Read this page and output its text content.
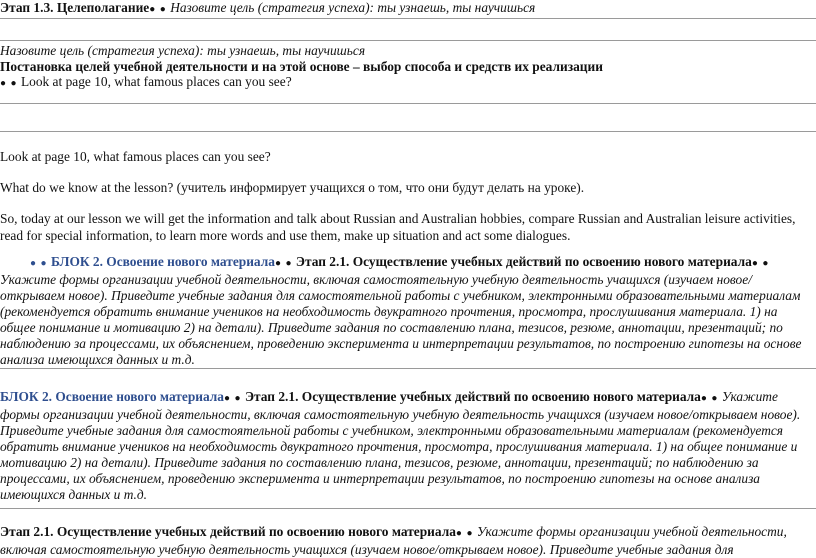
Этап 1.3. Целеполагание● ● Назовите цель (стратегия успеха): ты узнаешь, ты научишься

Назовите цель (стратегия успеха): ты узнаешь, ты научишься

Постановка целей учебной деятельности и на этой основе – выбор способа и средств их реализации

● ● Look at page 10, what famous places can you see?

Look at page 10, what famous places can you see?
What do we know at the lesson? (учитель информирует учащихся о том, что они будут делать на уроке).
So, today at our lesson we will get the information and talk about Russian and Australian hobbies, compare Russian and Australian leisure activities, read for special information, to learn more words and use them, make up situation and act some dialogues.
● ● БЛОК 2. Освоение нового материала● ● Этап 2.1. Осуществление учебных действий по освоению нового материала● ● Укажите формы организации учебной деятельности, включая самостоятельную учебную деятельность учащихся (изучаем новое/открываем новое). Приведите учебные задания для самостоятельной работы с учебником, электронными образовательными материалам (рекомендуется обратить внимание учеников на необходимость двукратного прочтения, просмотра, прослушивания материала. 1) на общее понимание и мотивацию 2) на детали). Приведите задания по составлению плана, тезисов, резюме, аннотации, презентаций; по наблюдению за процессами, их объяснением, проведению эксперимента и интерпретации результатов, по построению гипотезы на основе анализа имеющихся данных и т.д.
БЛОК 2. Освоение нового материала● ● Этап 2.1. Осуществление учебных действий по освоению нового материала● ● Укажите формы организации учебной деятельности, включая самостоятельную учебную деятельность учащихся (изучаем новое/открываем новое). Приведите учебные задания для самостоятельной работы с учебником, электронными образовательными материалам (рекомендуется обратить внимание учеников на необходимость двукратного прочтения, просмотра, прослушивания материала. 1) на общее понимание и мотивацию 2) на детали). Приведите задания по составлению плана, тезисов, резюме, аннотации, презентаций; по наблюдению за процессами, их объяснением, проведению эксперимента и интерпретации результатов, по построению гипотезы на основе анализа имеющихся данных и т.д.
Этап 2.1. Осуществление учебных действий по освоению нового материала● ● Укажите формы организации учебной деятельности, включая самостоятельную учебную деятельность учащихся (изучаем новое/открываем новое). Приведите учебные задания для
